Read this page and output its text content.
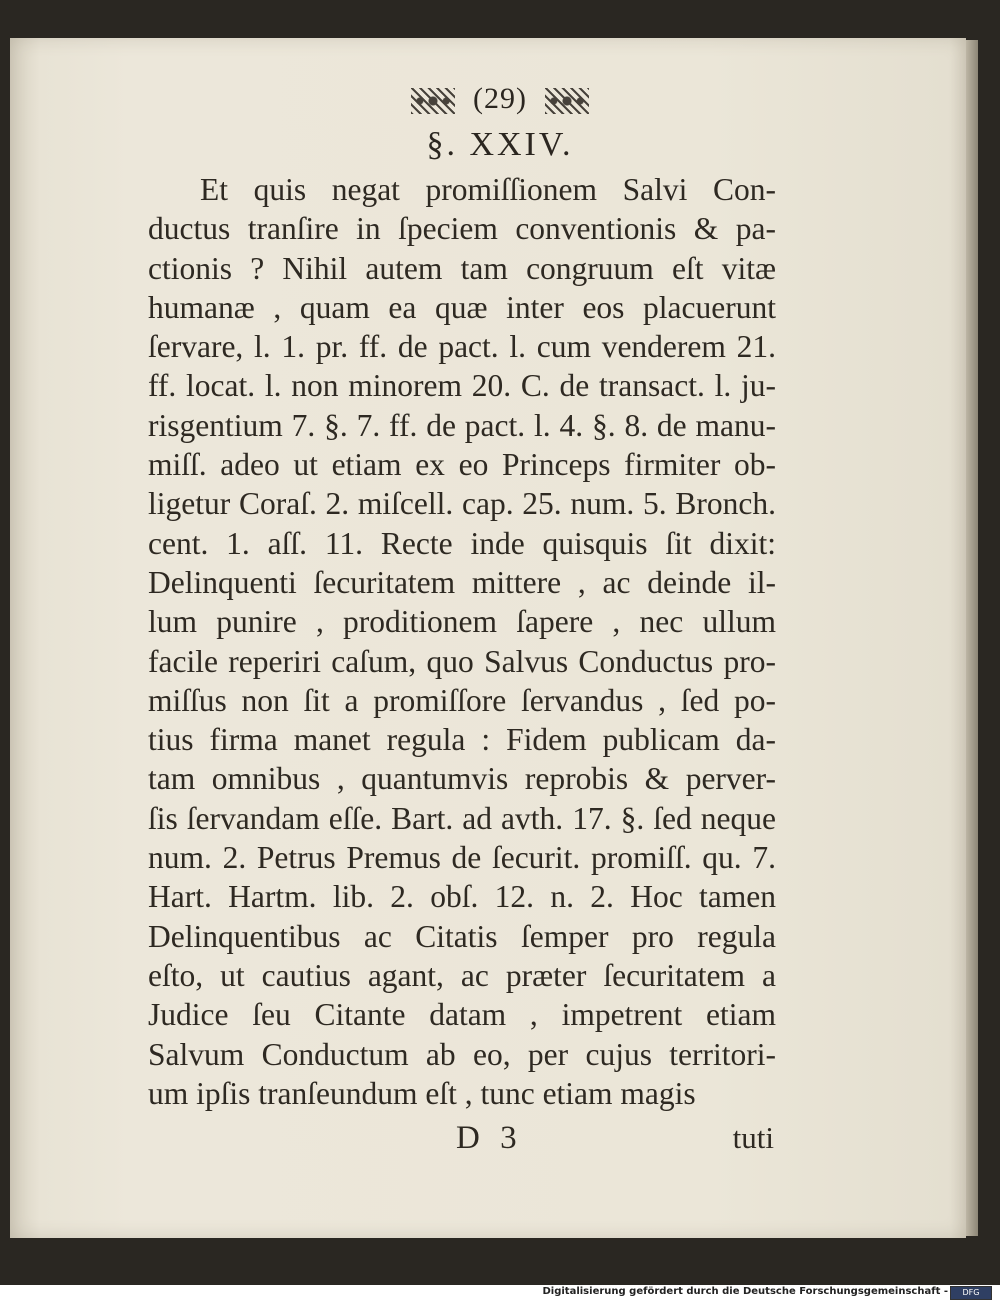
(29)
§. XXIV.
Et quis negat promiſſionem Salvi Con-
ductus tranſire in ſpeciem conventionis & pa-
ctionis ? Nihil autem tam congruum eſt vitæ
humanæ , quam ea quæ inter eos placuerunt
ſervare, l. 1. pr. ff. de pact. l. cum venderem 21.
ff. locat. l. non minorem 20. C. de transact. l. ju-
risgentium 7. §. 7. ff. de pact. l. 4. §. 8. de manu-
miſſ. adeo ut etiam ex eo Princeps firmiter ob-
ligetur Coraſ. 2. miſcell. cap. 25. num. 5. Bronch.
cent. 1. aſſ. 11. Recte inde quisquis ſit dixit:
Delinquenti ſecuritatem mittere , ac deinde il-
lum punire , proditionem ſapere , nec ullum
facile reperiri caſum, quo Salvus Conductus pro-
miſſus non ſit a promiſſore ſervandus , ſed po-
tius firma manet regula : Fidem publicam da-
tam omnibus , quantumvis reprobis & perver-
ſis ſervandam eſſe. Bart. ad avth. 17. §. ſed neque
num. 2. Petrus Premus de ſecurit. promiſſ. qu. 7.
Hart. Hartm. lib. 2. obſ. 12. n. 2. Hoc tamen
Delinquentibus ac Citatis ſemper pro regula
eſto, ut cautius agant, ac præter ſecuritatem a
Judice ſeu Citante datam , impetrent etiam
Salvum Conductum ab eo, per cujus territori-
um ipſis tranſeundum eſt , tunc etiam magis
D 3	tuti
Digitalisierung gefördert durch die Deutsche Forschungsgemeinschaft -	DFG
